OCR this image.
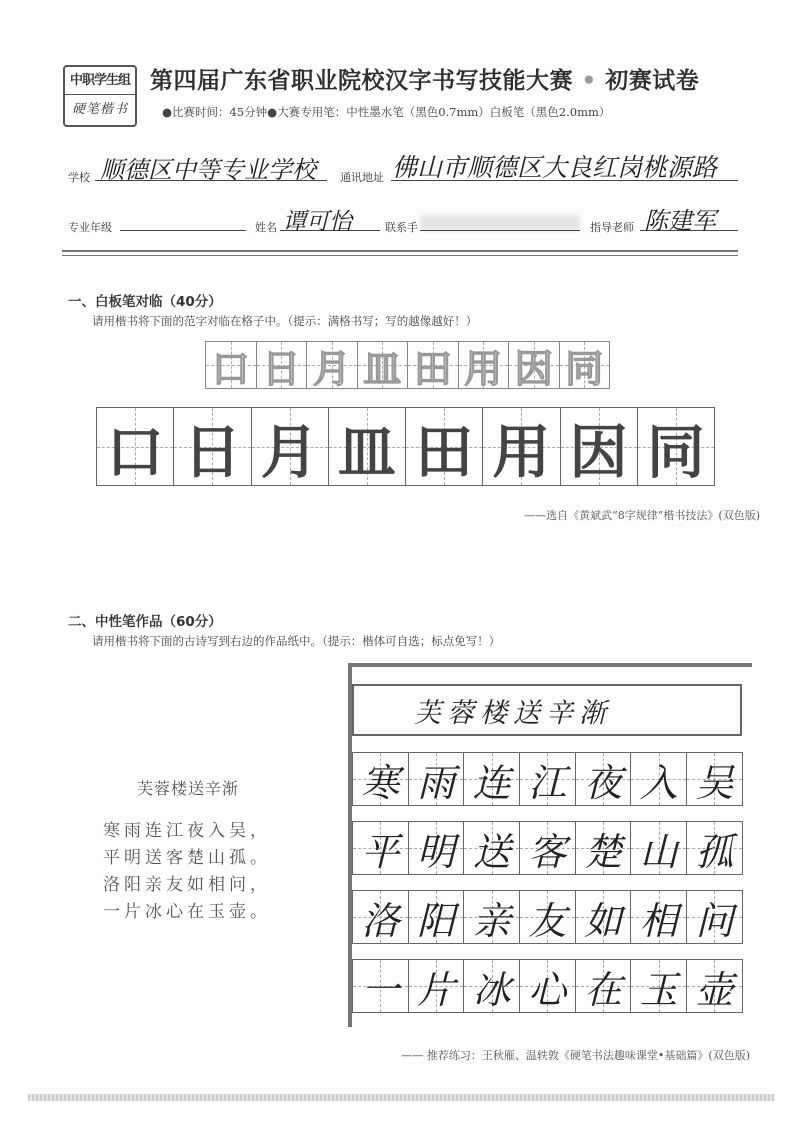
中职学生组
硬笔楷书
第四届广东省职业院校汉字书写技能大赛 • 初赛试卷
●比赛时间：45分钟●大赛专用笔：中性墨水笔（黑色0.7mm）白板笔（黑色2.0mm）
学校 顺德区中等专业学校 通讯地址 佛山市顺德区大良红岗桃源路
专业年级	姓名 谭可怡	联系手	指导老师 陈建军
一、白板笔对临（40分）
请用楷书将下面的范字对临在格子中。（提示：满格书写；写的越像越好！）
口 日 月 皿 田 用 因 同
口 日 月 皿 田 用 因 同
——选自《黄斌武“8字规律”楷书技法》(双色版)
二、中性笔作品（60分）
请用楷书将下面的古诗写到右边的作品纸中。（提示：楷体可自选；标点免写！）
芙蓉楼送辛渐
寒雨连江夜入吴，
平明送客楚山孤。
洛阳亲友如相问，
一片冰心在玉壶。
芙蓉楼送辛渐
寒 雨 连 江 夜 入 吴
平 明 送 客 楚 山 孤
洛 阳 亲 友 如 相 问
一 片 冰 心 在 玉 壶
—— 推荐练习：王秋雁、温轶敦《硬笔书法趣味课堂•基础篇》(双色版)
